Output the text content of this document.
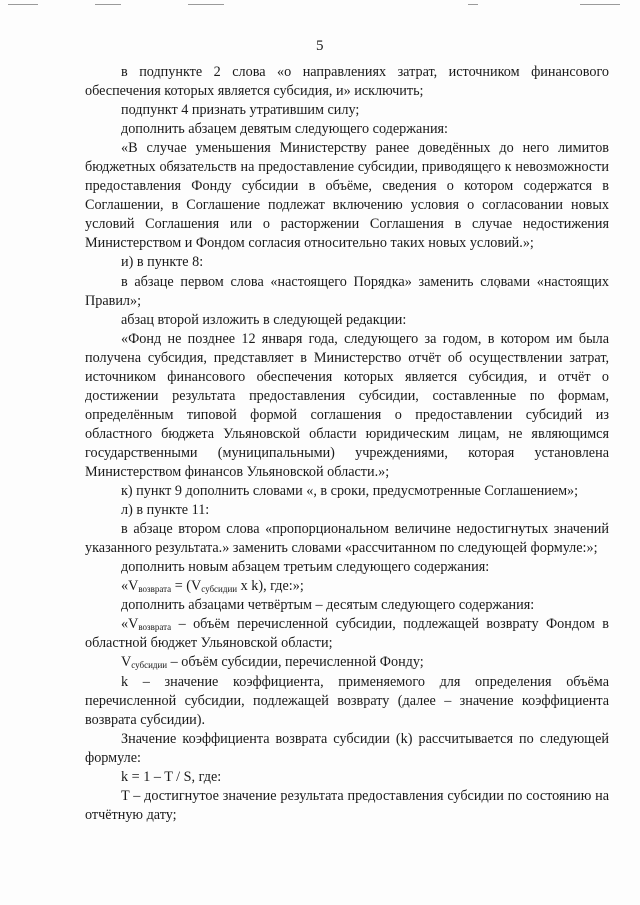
5

в подпункте 2 слова «о направлениях затрат, источником финансового обеспечения которых является субсидия, и» исключить;

подпункт 4 признать утратившим силу;

дополнить абзацем девятым следующего содержания:

«В случае уменьшения Министерству ранее доведённых до него лимитов бюджетных обязательств на предоставление субсидии, приводящего к невозможности предоставления Фонду субсидии в объёме, сведения о котором содержатся в Соглашении, в Соглашение подлежат включению условия о согласовании новых условий Соглашения или о расторжении Соглашения в случае недостижения Министерством и Фондом согласия относительно таких новых условий.»;

и) в пункте 8:

в абзаце первом слова «настоящего Порядка» заменить словами «настоящих Правил»;

абзац второй изложить в следующей редакции:

«Фонд не позднее 12 января года, следующего за годом, в котором им была получена субсидия, представляет в Министерство отчёт об осуществлении затрат, источником финансового обеспечения которых является субсидия, и отчёт о достижении результата предоставления субсидии, составленные по формам, определённым типовой формой соглашения о предоставлении субсидий из областного бюджета Ульяновской области юридическим лицам, не являющимся государственными (муниципальными) учреждениями, которая установлена Министерством финансов Ульяновской области.»;

к) пункт 9 дополнить словами «, в сроки, предусмотренные Соглашением»;

л) в пункте 11:

в абзаце втором слова «пропорциональном величине недостигнутых значений указанного результата.» заменить словами «рассчитанном по следующей формуле:»;

дополнить новым абзацем третьим следующего содержания:

«$V_{возврата} = (V_{субсидии}$ x k), где:»;

дополнить абзацами четвёртым – десятым следующего содержания:

«$V_{возврата}$ – объём перечисленной субсидии, подлежащей возврату Фондом в областной бюджет Ульяновской области;

$V_{субсидии}$ – объём субсидии, перечисленной Фонду;

k – значение коэффициента, применяемого для определения объёма перечисленной субсидии, подлежащей возврату (далее – значение коэффициента возврата субсидии).

Значение коэффициента возврата субсидии (k) рассчитывается по следующей формуле:

k = 1 – T / S, где:

T – достигнутое значение результата предоставления субсидии по состоянию на отчётную дату;
